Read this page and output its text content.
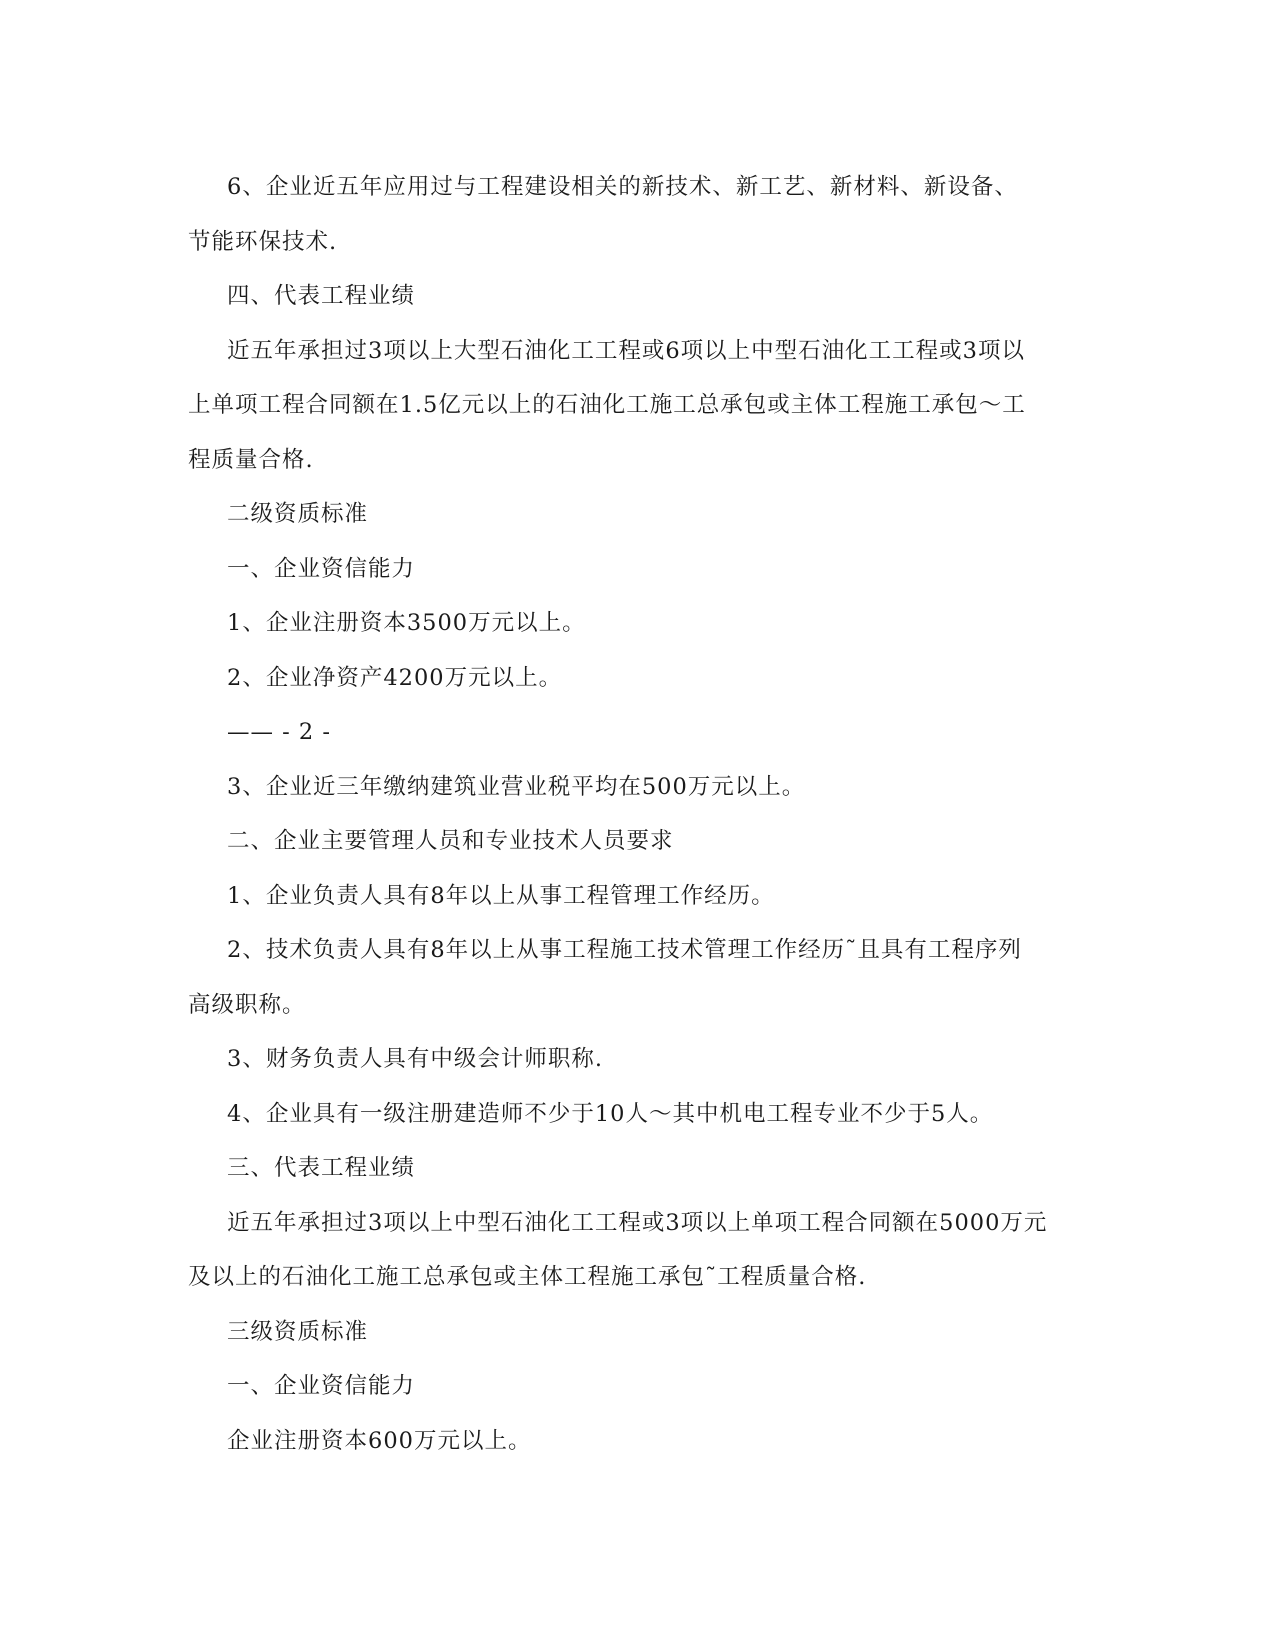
6、企业近五年应用过与工程建设相关的新技术、新工艺、新材料、新设备、
节能环保技术.
四、代表工程业绩
近五年承担过3项以上大型石油化工工程或6项以上中型石油化工工程或3项以
上单项工程合同额在1.5亿元以上的石油化工施工总承包或主体工程施工承包～工
程质量合格.
二级资质标准
一、企业资信能力
1、企业注册资本3500万元以上。
2、企业净资产4200万元以上。
—— - 2 -
3、企业近三年缴纳建筑业营业税平均在500万元以上。
二、企业主要管理人员和专业技术人员要求
1、企业负责人具有8年以上从事工程管理工作经历。
2、技术负责人具有8年以上从事工程施工技术管理工作经历˜且具有工程序列
高级职称。
3、财务负责人具有中级会计师职称.
4、企业具有一级注册建造师不少于10人～其中机电工程专业不少于5人。
三、代表工程业绩
近五年承担过3项以上中型石油化工工程或3项以上单项工程合同额在5000万元
及以上的石油化工施工总承包或主体工程施工承包˜工程质量合格.
三级资质标准
一、企业资信能力
企业注册资本600万元以上。
